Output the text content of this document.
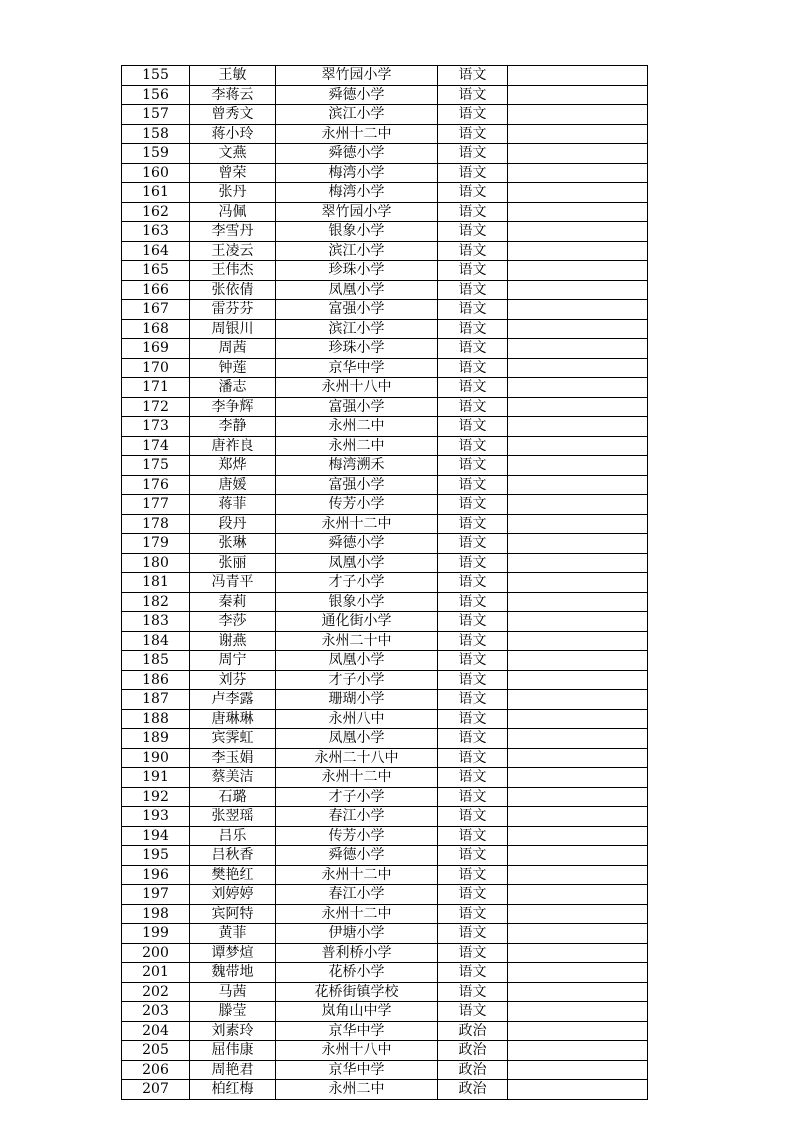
155	王敏	翠竹园小学	语文	
156	李蒋云	舜德小学	语文	
157	曾秀文	滨江小学	语文	
158	蒋小玲	永州十二中	语文	
159	文燕	舜德小学	语文	
160	曾荣	梅湾小学	语文	
161	张丹	梅湾小学	语文	
162	冯佩	翠竹园小学	语文	
163	李雪丹	银象小学	语文	
164	王凌云	滨江小学	语文	
165	王伟杰	珍珠小学	语文	
166	张依倩	凤凰小学	语文	
167	雷芬芬	富强小学	语文	
168	周银川	滨江小学	语文	
169	周茜	珍珠小学	语文	
170	钟莲	京华中学	语文	
171	潘志	永州十八中	语文	
172	李争辉	富强小学	语文	
173	李静	永州二中	语文	
174	唐祚良	永州二中	语文	
175	郑烨	梅湾溯禾	语文	
176	唐媛	富强小学	语文	
177	蒋菲	传芳小学	语文	
178	段丹	永州十二中	语文	
179	张琳	舜德小学	语文	
180	张丽	凤凰小学	语文	
181	冯青平	才子小学	语文	
182	秦莉	银象小学	语文	
183	李莎	通化街小学	语文	
184	谢燕	永州二十中	语文	
185	周宁	凤凰小学	语文	
186	刘芬	才子小学	语文	
187	卢李露	珊瑚小学	语文	
188	唐琳琳	永州八中	语文	
189	宾霁虹	凤凰小学	语文	
190	李玉娟	永州二十八中	语文	
191	蔡美洁	永州十二中	语文	
192	石璐	才子小学	语文	
193	张翌瑶	春江小学	语文	
194	吕乐	传芳小学	语文	
195	吕秋香	舜德小学	语文	
196	樊艳红	永州十二中	语文	
197	刘婷婷	春江小学	语文	
198	宾阿特	永州十二中	语文	
199	黄菲	伊塘小学	语文	
200	谭梦煊	普利桥小学	语文	
201	魏带地	花桥小学	语文	
202	马茜	花桥街镇学校	语文	
203	滕莹	岚角山中学	语文	
204	刘素玲	京华中学	政治	
205	屈伟康	永州十八中	政治	
206	周艳君	京华中学	政治	
207	柏红梅	永州二中	政治	
